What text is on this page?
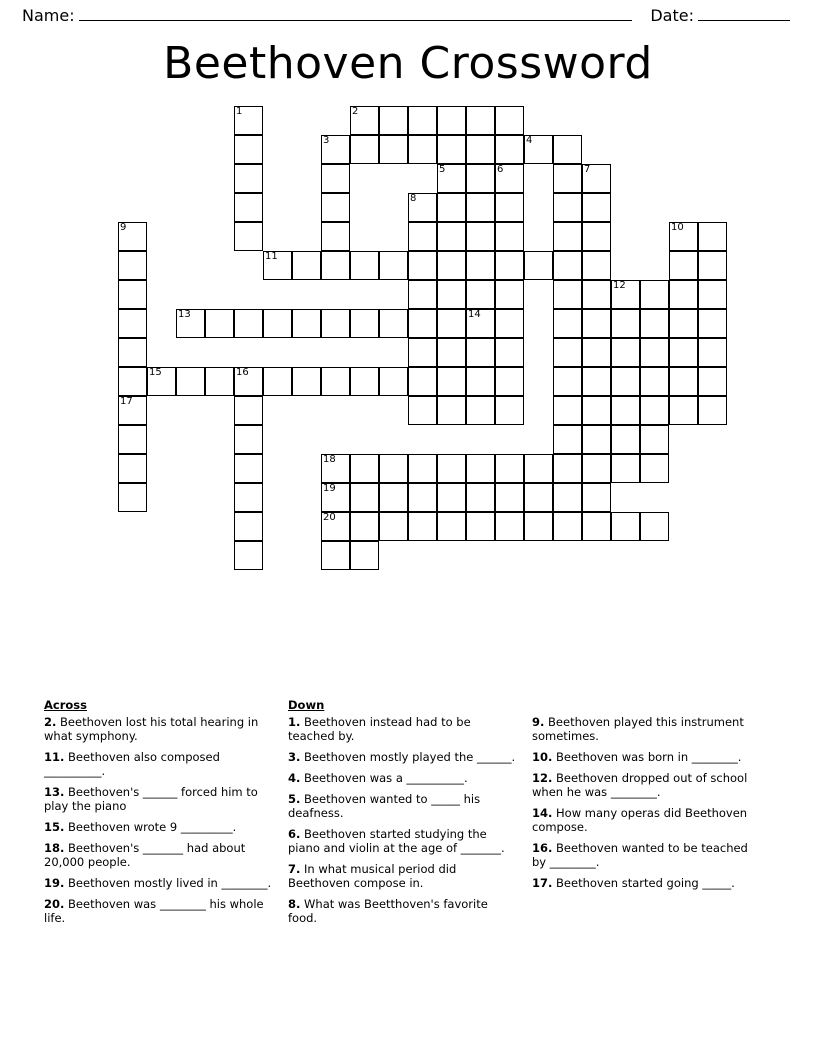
Name:	Date:
Beethoven Crossword
1	2
3	4
5	6	7
8
9	10
11
12
13	14
15	16
17
18
19
20
Across
2. Beethoven lost his total hearing in what symphony.
11. Beethoven also composed __________.
13. Beethoven's ______ forced him to play the piano
15. Beethoven wrote 9 _________.
18. Beethoven's _______ had about 20,000 people.
19. Beethoven mostly lived in ________.
20. Beethoven was ________ his whole life.
Down
1. Beethoven instead had to be teached by.
3. Beethoven mostly played the ______.
4. Beethoven was a __________.
5. Beethoven wanted to _____ his deafness.
6. Beethoven started studying the piano and violin at the age of _______.
7. In what musical period did Beethoven compose in.
8. What was Beetthoven's favorite food.
9. Beethoven played this instrument sometimes.
10. Beethoven was born in ________.
12. Beethoven dropped out of school when he was ________.
14. How many operas did Beethoven compose.
16. Beethoven wanted to be teached by ________.
17. Beethoven started going _____.
